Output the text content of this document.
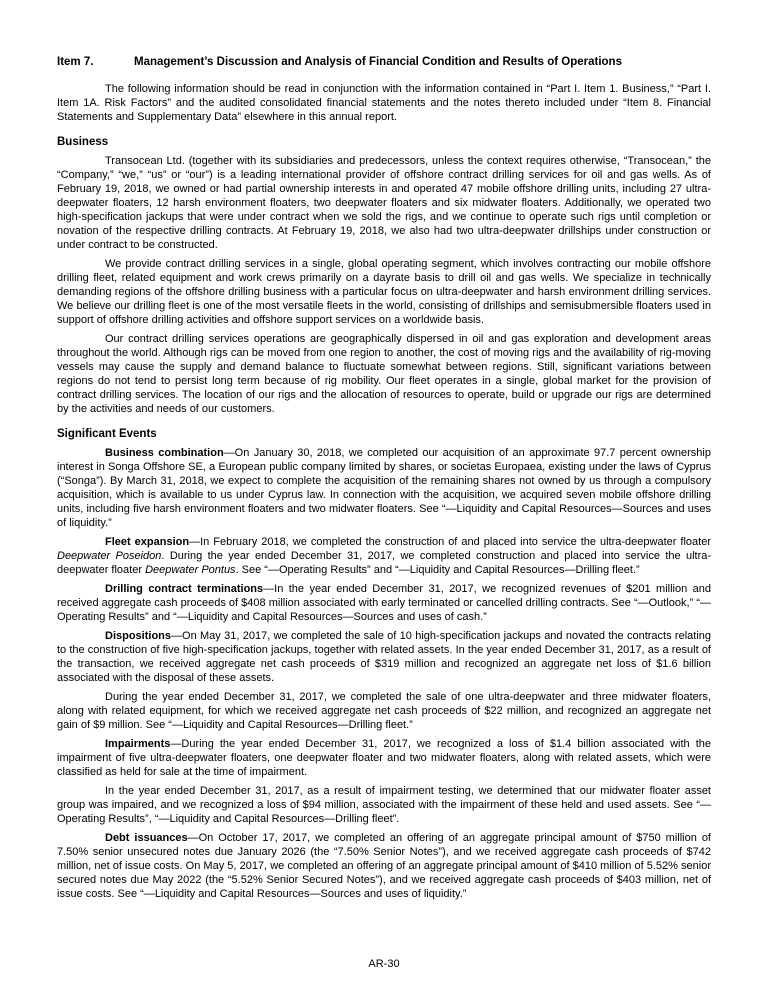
Item 7.	Management’s Discussion and Analysis of Financial Condition and Results of Operations

The following information should be read in conjunction with the information contained in “Part I. Item 1. Business,” “Part I. Item 1A. Risk Factors” and the audited consolidated financial statements and the notes thereto included under “Item 8. Financial Statements and Supplementary Data” elsewhere in this annual report.

Business

Transocean Ltd. (together with its subsidiaries and predecessors, unless the context requires otherwise, “Transocean,” the “Company,” “we,” “us” or “our”) is a leading international provider of offshore contract drilling services for oil and gas wells. As of February 19, 2018, we owned or had partial ownership interests in and operated 47 mobile offshore drilling units, including 27 ultra-deepwater floaters, 12 harsh environment floaters, two deepwater floaters and six midwater floaters. Additionally, we operated two high-specification jackups that were under contract when we sold the rigs, and we continue to operate such rigs until completion or novation of the respective drilling contracts. At February 19, 2018, we also had two ultra-deepwater drillships under construction or under contract to be constructed.

We provide contract drilling services in a single, global operating segment, which involves contracting our mobile offshore drilling fleet, related equipment and work crews primarily on a dayrate basis to drill oil and gas wells. We specialize in technically demanding regions of the offshore drilling business with a particular focus on ultra-deepwater and harsh environment drilling services. We believe our drilling fleet is one of the most versatile fleets in the world, consisting of drillships and semisubmersible floaters used in support of offshore drilling activities and offshore support services on a worldwide basis.

Our contract drilling services operations are geographically dispersed in oil and gas exploration and development areas throughout the world. Although rigs can be moved from one region to another, the cost of moving rigs and the availability of rig-moving vessels may cause the supply and demand balance to fluctuate somewhat between regions. Still, significant variations between regions do not tend to persist long term because of rig mobility. Our fleet operates in a single, global market for the provision of contract drilling services. The location of our rigs and the allocation of resources to operate, build or upgrade our rigs are determined by the activities and needs of our customers.

Significant Events

Business combination—On January 30, 2018, we completed our acquisition of an approximate 97.7 percent ownership interest in Songa Offshore SE, a European public company limited by shares, or societas Europaea, existing under the laws of Cyprus (“Songa”). By March 31, 2018, we expect to complete the acquisition of the remaining shares not owned by us through a compulsory acquisition, which is available to us under Cyprus law. In connection with the acquisition, we acquired seven mobile offshore drilling units, including five harsh environment floaters and two midwater floaters. See “—Liquidity and Capital Resources—Sources and uses of liquidity.”

Fleet expansion—In February 2018, we completed the construction of and placed into service the ultra-deepwater floater Deepwater Poseidon. During the year ended December 31, 2017, we completed construction and placed into service the ultra-deepwater floater Deepwater Pontus. See “—Operating Results” and “—Liquidity and Capital Resources—Drilling fleet.”

Drilling contract terminations—In the year ended December 31, 2017, we recognized revenues of $201 million and received aggregate cash proceeds of $408 million associated with early terminated or cancelled drilling contracts. See “—Outlook,” “—Operating Results” and “—Liquidity and Capital Resources—Sources and uses of cash.”

Dispositions—On May 31, 2017, we completed the sale of 10 high-specification jackups and novated the contracts relating to the construction of five high-specification jackups, together with related assets. In the year ended December 31, 2017, as a result of the transaction, we received aggregate net cash proceeds of $319 million and recognized an aggregate net loss of $1.6 billion associated with the disposal of these assets.

During the year ended December 31, 2017, we completed the sale of one ultra-deepwater and three midwater floaters, along with related equipment, for which we received aggregate net cash proceeds of $22 million, and recognized an aggregate net gain of $9 million. See “—Liquidity and Capital Resources—Drilling fleet.”

Impairments—During the year ended December 31, 2017, we recognized a loss of $1.4 billion associated with the impairment of five ultra-deepwater floaters, one deepwater floater and two midwater floaters, along with related assets, which were classified as held for sale at the time of impairment.

In the year ended December 31, 2017, as a result of impairment testing, we determined that our midwater floater asset group was impaired, and we recognized a loss of $94 million, associated with the impairment of these held and used assets. See “—Operating Results”, “—Liquidity and Capital Resources—Drilling fleet”.

Debt issuances—On October 17, 2017, we completed an offering of an aggregate principal amount of $750 million of 7.50% senior unsecured notes due January 2026 (the “7.50% Senior Notes”), and we received aggregate cash proceeds of $742 million, net of issue costs. On May 5, 2017, we completed an offering of an aggregate principal amount of $410 million of 5.52% senior secured notes due May 2022 (the “5.52% Senior Secured Notes”), and we received aggregate cash proceeds of $403 million, net of issue costs. See “—Liquidity and Capital Resources—Sources and uses of liquidity.”

AR-30
